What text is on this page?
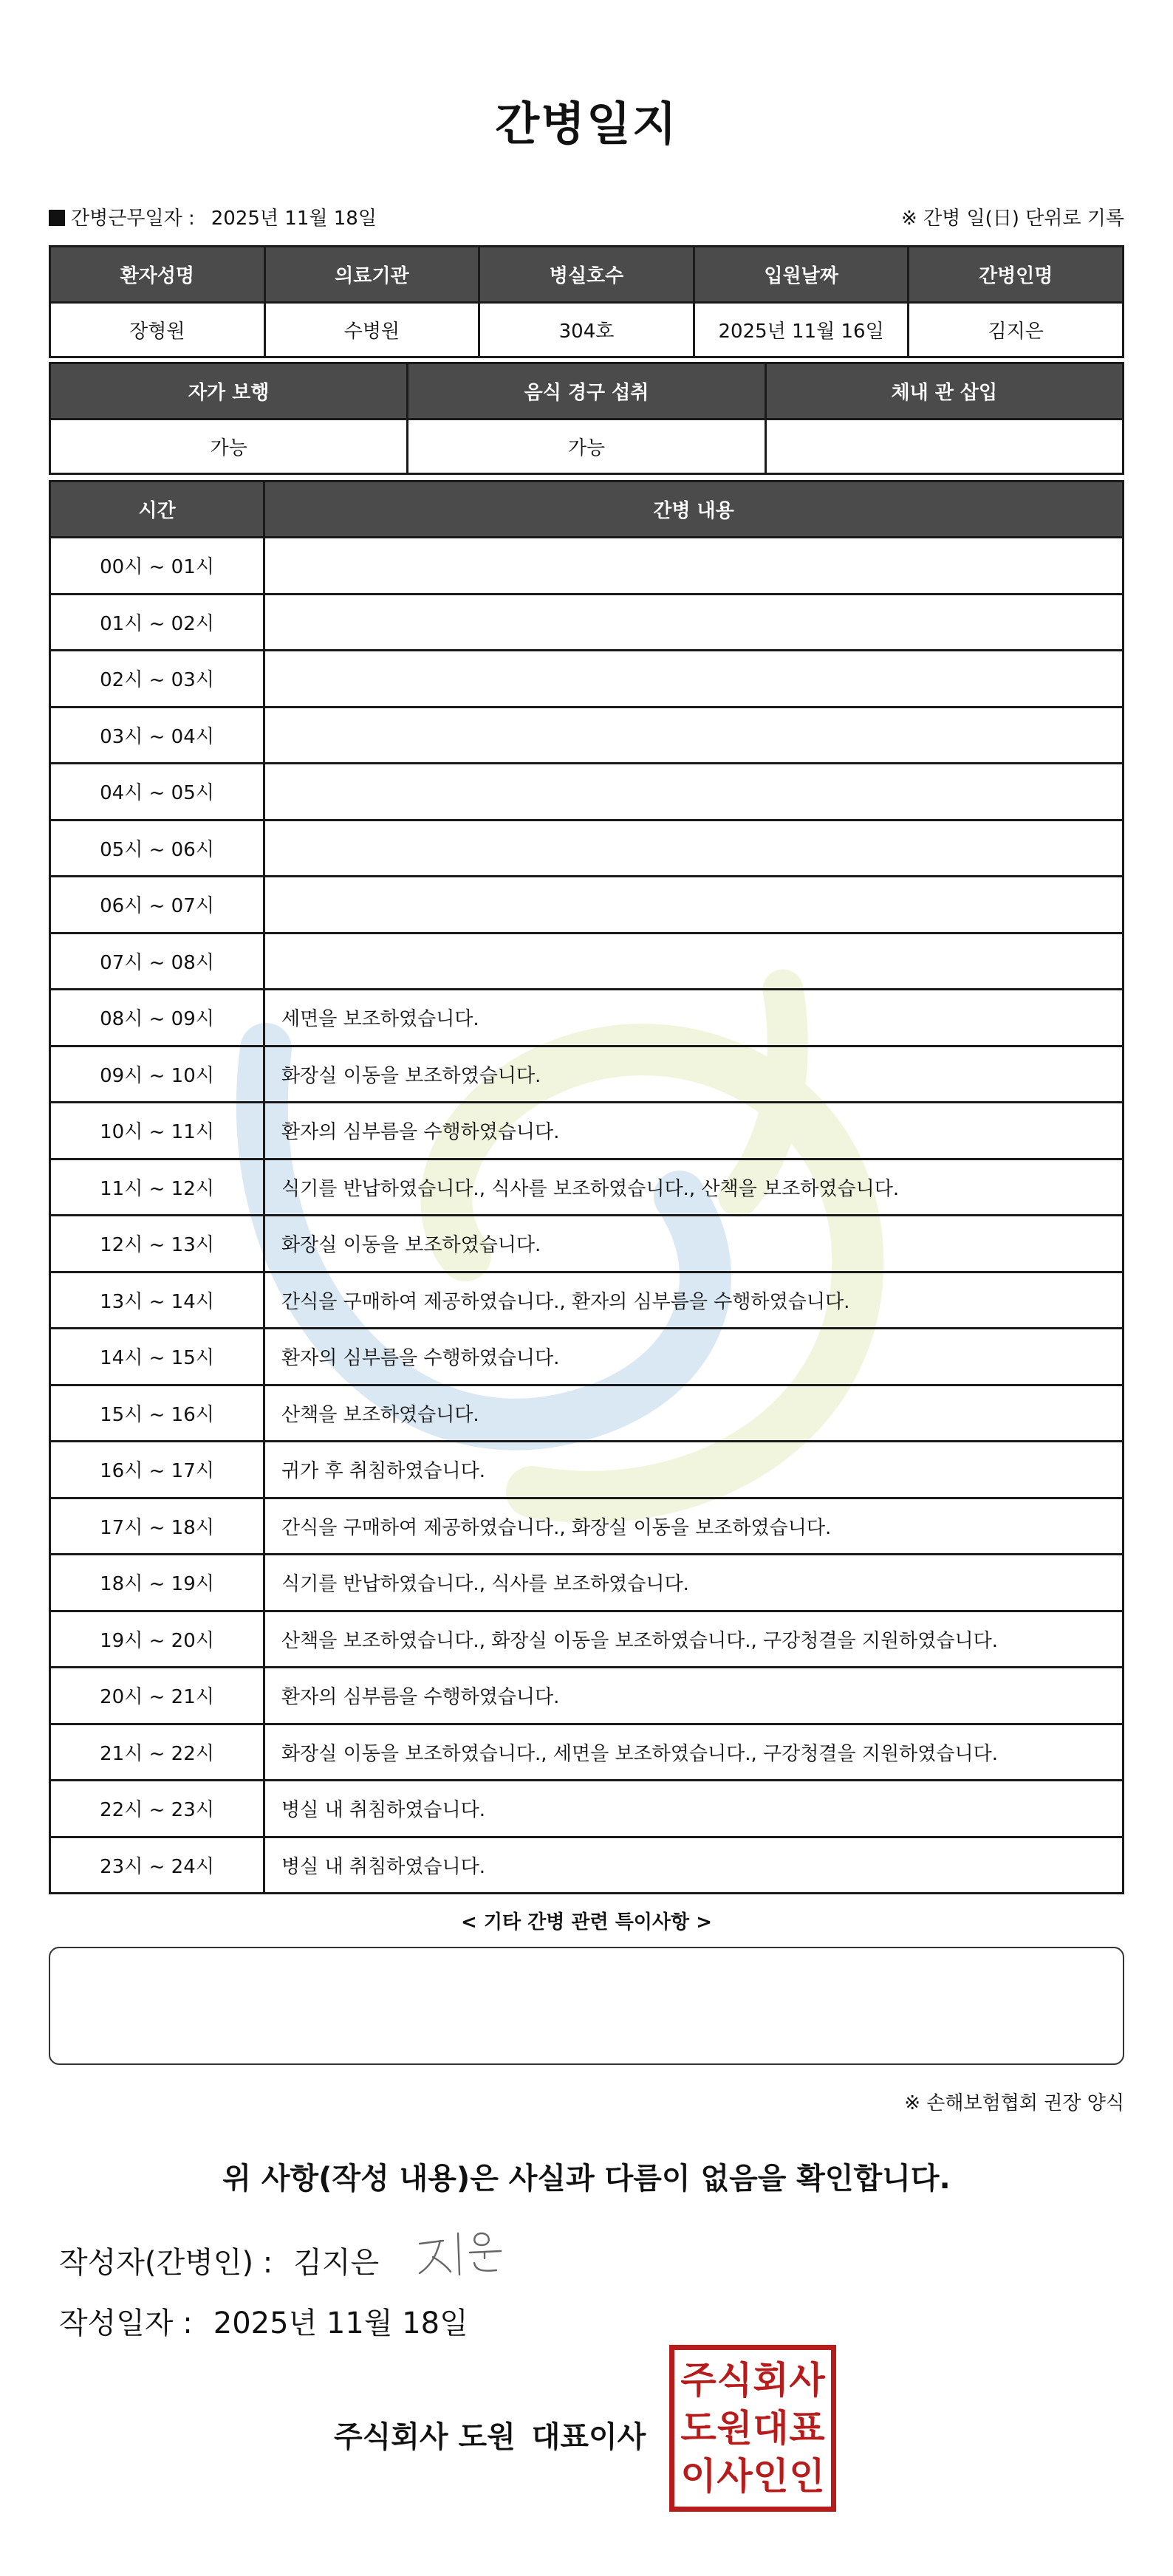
간병일지
간병근무일자 : 2025년 11월 18일	※ 간병 일(日) 단위로 기록
환자성명	의료기관	병실호수	입원날짜	간병인명
장형원	수병원	304호	2025년 11월 16일	김지은
자가 보행	음식 경구 섭취	체내 관 삽입
가능	가능	
시간	간병 내용
00시 ~ 01시	
01시 ~ 02시	
02시 ~ 03시	
03시 ~ 04시	
04시 ~ 05시	
05시 ~ 06시	
06시 ~ 07시	
07시 ~ 08시	
08시 ~ 09시	세면을 보조하였습니다.
09시 ~ 10시	화장실 이동을 보조하였습니다.
10시 ~ 11시	환자의 심부름을 수행하였습니다.
11시 ~ 12시	식기를 반납하였습니다., 식사를 보조하였습니다., 산책을 보조하였습니다.
12시 ~ 13시	화장실 이동을 보조하였습니다.
13시 ~ 14시	간식을 구매하여 제공하였습니다., 환자의 심부름을 수행하였습니다.
14시 ~ 15시	환자의 심부름을 수행하였습니다.
15시 ~ 16시	산책을 보조하였습니다.
16시 ~ 17시	귀가 후 취침하였습니다.
17시 ~ 18시	간식을 구매하여 제공하였습니다., 화장실 이동을 보조하였습니다.
18시 ~ 19시	식기를 반납하였습니다., 식사를 보조하였습니다.
19시 ~ 20시	산책을 보조하였습니다., 화장실 이동을 보조하였습니다., 구강청결을 지원하였습니다.
20시 ~ 21시	환자의 심부름을 수행하였습니다.
21시 ~ 22시	화장실 이동을 보조하였습니다., 세면을 보조하였습니다., 구강청결을 지원하였습니다.
22시 ~ 23시	병실 내 취침하였습니다.
23시 ~ 24시	병실 내 취침하였습니다.
< 기타 간병 관련 특이사항 >
※ 손해보험협회 권장 양식
위 사항(작성 내용)은 사실과 다름이 없음을 확인합니다.
작성자(간병인) : 김지은
작성일자 : 2025년 11월 18일
주식회사 도원 대표이사
주 식 회 사
도 원 대 표
이 사 인 인
